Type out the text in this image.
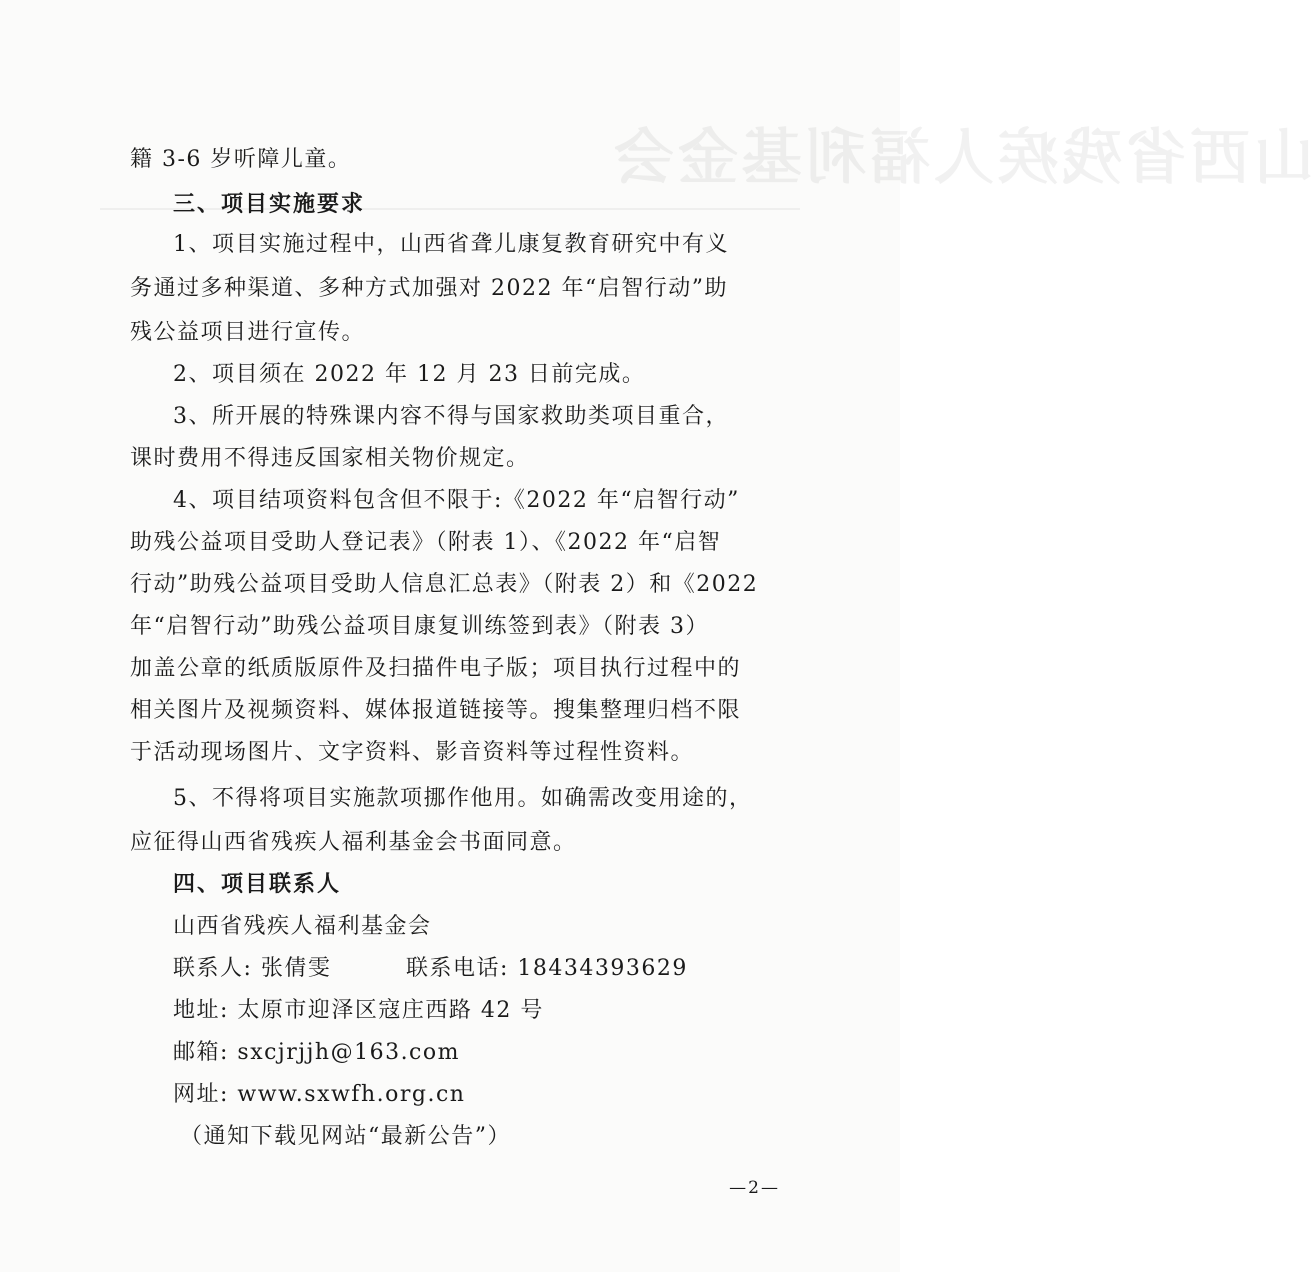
山西省残疾人福利基金会
籍 3-6 岁听障儿童。
三、项目实施要求
1、项目实施过程中，山西省聋儿康复教育研究中有义
务通过多种渠道、多种方式加强对 2022 年“启智行动”助
残公益项目进行宣传。
2、项目须在 2022 年 12 月 23 日前完成。
3、所开展的特殊课内容不得与国家救助类项目重合，
课时费用不得违反国家相关物价规定。
4、项目结项资料包含但不限于:《2022 年“启智行动”
助残公益项目受助人登记表》（附表 1）、《2022 年“启智
行动”助残公益项目受助人信息汇总表》（附表 2）和《2022
年“启智行动”助残公益项目康复训练签到表》（附表 3）
加盖公章的纸质版原件及扫描件电子版；项目执行过程中的
相关图片及视频资料、媒体报道链接等。搜集整理归档不限
于活动现场图片、文字资料、影音资料等过程性资料。
5、不得将项目实施款项挪作他用。如确需改变用途的，
应征得山西省残疾人福利基金会书面同意。
四、项目联系人
山西省残疾人福利基金会
联系人: 张倩雯	联系电话: 18434393629
地址: 太原市迎泽区寇庄西路 42 号
邮箱: sxcjrjjh@163.com
网址: www.sxwfh.org.cn
（通知下载见网站“最新公告”）
—2—
